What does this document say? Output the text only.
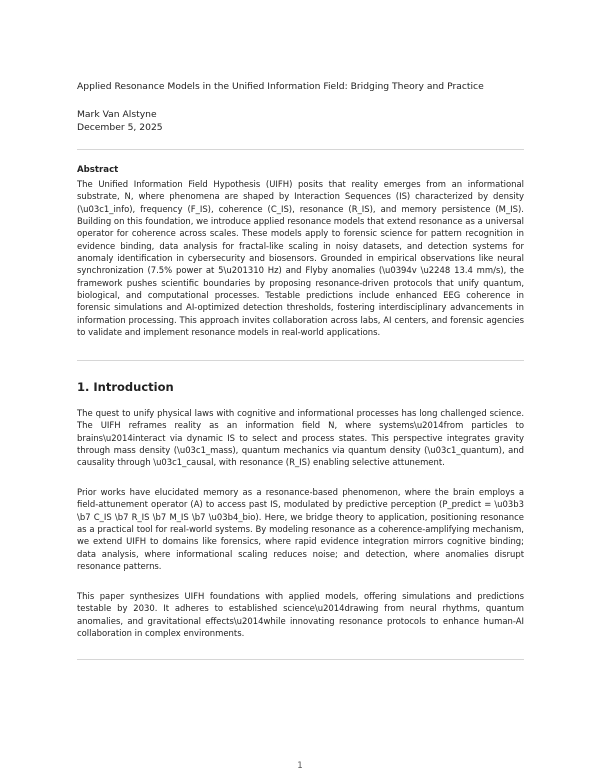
Applied Resonance Models in the Unified Information Field: Bridging Theory and Practice
Mark Van Alstyne
December 5, 2025
Abstract
The Unified Information Field Hypothesis (UIFH) posits that reality emerges from an informational substrate, N, where phenomena are shaped by Interaction Sequences (IS) characterized by density (\u03c1_info), frequency (F_IS), coherence (C_IS), resonance (R_IS), and memory persistence (M_IS). Building on this foundation, we introduce applied resonance models that extend resonance as a universal operator for coherence across scales. These models apply to forensic science for pattern recognition in evidence binding, data analysis for fractal-like scaling in noisy datasets, and detection systems for anomaly identification in cybersecurity and biosensors. Grounded in empirical observations like neural synchronization (7.5% power at 5\u201310 Hz) and Flyby anomalies (\u0394v \u2248 13.4 mm/s), the framework pushes scientific boundaries by proposing resonance-driven protocols that unify quantum, biological, and computational processes. Testable predictions include enhanced EEG coherence in forensic simulations and AI-optimized detection thresholds, fostering interdisciplinary advancements in information processing. This approach invites collaboration across labs, AI centers, and forensic agencies to validate and implement resonance models in real-world applications.
1. Introduction
The quest to unify physical laws with cognitive and informational processes has long challenged science. The UIFH reframes reality as an information field N, where systems\u2014from particles to brains\u2014interact via dynamic IS to select and process states. This perspective integrates gravity through mass density (\u03c1_mass), quantum mechanics via quantum density (\u03c1_quantum), and causality through \u03c1_causal, with resonance (R_IS) enabling selective attunement.
Prior works have elucidated memory as a resonance-based phenomenon, where the brain employs a field-attunement operator (A) to access past IS, modulated by predictive perception (P_predict = \u03b3 \b7 C_IS \b7 R_IS \b7 M_IS \b7 \u03b4_bio). Here, we bridge theory to application, positioning resonance as a practical tool for real-world systems. By modeling resonance as a coherence-amplifying mechanism, we extend UIFH to domains like forensics, where rapid evidence integration mirrors cognitive binding; data analysis, where informational scaling reduces noise; and detection, where anomalies disrupt resonance patterns.
This paper synthesizes UIFH foundations with applied models, offering simulations and predictions testable by 2030. It adheres to established science\u2014drawing from neural rhythms, quantum anomalies, and gravitational effects\u2014while innovating resonance protocols to enhance human-AI collaboration in complex environments.
1
